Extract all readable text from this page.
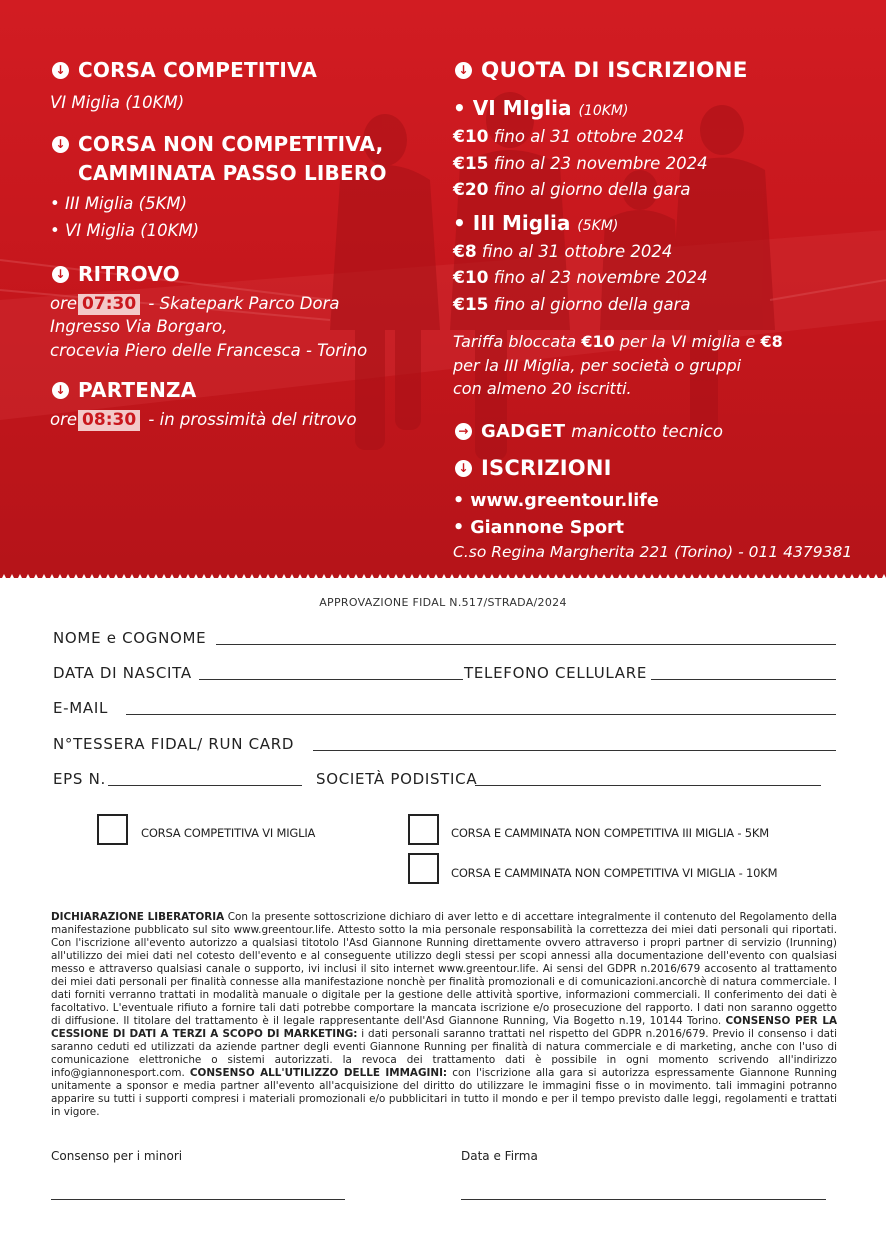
↓ CORSA COMPETITIVA
VI Miglia (10KM)
↓ CORSA NON COMPETITIVA,
CAMMINATA PASSO LIBERO
• III Miglia (5KM)
• VI Miglia (10KM)
↓ RITROVO
ore 07:30 - Skatepark Parco Dora
Ingresso Via Borgaro,
crocevia Piero delle Francesca - Torino
↓ PARTENZA
ore 08:30 - in prossimità del ritrovo
↓ QUOTA DI ISCRIZIONE
• VI MIglia (10KM)
€10 fino al 31 ottobre 2024
€15 fino al 23 novembre 2024
€20 fino al giorno della gara
• III Miglia (5KM)
€8 fino al 31 ottobre 2024
€10 fino al 23 novembre 2024
€15 fino al giorno della gara
Tariffa bloccata €10 per la VI miglia e €8
per la III Miglia, per società o gruppi
con almeno 20 iscritti.
→ GADGET manicotto tecnico
↓ ISCRIZIONI
• www.greentour.life
• Giannone Sport
C.so Regina Margherita 221 (Torino) - 011 4379381
APPROVAZIONE FIDAL N.517/STRADA/2024
NOME e COGNOME
DATA DI NASCITA	TELEFONO CELLULARE
E-MAIL
N°TESSERA FIDAL/ RUN CARD
EPS N.	SOCIETÀ PODISTICA
CORSA COMPETITIVA VI MIGLIA	CORSA E CAMMINATA NON COMPETITIVA III MIGLIA - 5KM
CORSA E CAMMINATA NON COMPETITIVA VI MIGLIA - 10KM
DICHIARAZIONE LIBERATORIA Con la presente sottoscrizione dichiaro di aver letto e di accettare integralmente il contenuto del Regolamento della manifestazione pubblicato sul sito www.greentour.life. Attesto sotto la mia personale responsabilità la correttezza dei miei dati personali qui riportati. Con l'iscrizione all'evento autorizzo a qualsiasi titotolo l'Asd Giannone Running direttamente ovvero attraverso i propri partner di servizio (Irunning) all'utilizzo dei miei dati nel cotesto dell'evento e al conseguente utilizzo degli stessi per scopi annessi alla documentazione dell'evento con qualsiasi messo e attraverso qualsiasi canale o supporto, ivi inclusi il sito internet www.greentour.life. Ai sensi del GDPR n.2016/679 accosento al trattamento dei miei dati personali per finalità connesse alla manifestazione nonchè per finalità promozionali e di comunicazioni.ancorchè di natura commerciale. I dati forniti verranno trattati in modalità manuale o digitale per la gestione delle attività sportive, informazioni commerciali. Il conferimento dei dati è facoltativo. L'eventuale rifiuto a fornire tali dati potrebbe comportare la mancata iscrizione e/o prosecuzione del rapporto. I dati non saranno oggetto di diffusione. Il titolare del trattamento è il legale rappresentante dell'Asd Giannone Running, Via Bogetto n.19, 10144 Torino. CONSENSO PER LA CESSIONE DI DATI A TERZI A SCOPO DI MARKETING: i dati personali saranno trattati nel rispetto del GDPR n.2016/679. Previo il consenso i dati saranno ceduti ed utilizzati da aziende partner degli eventi Giannone Running per finalità di natura commerciale e di marketing, anche con l'uso di comunicazione elettroniche o sistemi autorizzati. la revoca dei trattamento dati è possibile in ogni momento scrivendo all'indirizzo info@giannonesport.com. CONSENSO ALL'UTILIZZO DELLE IMMAGINI: con l'iscrizione alla gara si autorizza espressamente Giannone Running unitamente a sponsor e media partner all'evento all'acquisizione del diritto do utilizzare le immagini fisse o in movimento. tali immagini potranno apparire su tutti i supporti compresi i materiali promozionali e/o pubblicitari in tutto il mondo e per il tempo previsto dalle leggi, regolamenti e trattati in vigore.
Consenso per i minori	Data e Firma
